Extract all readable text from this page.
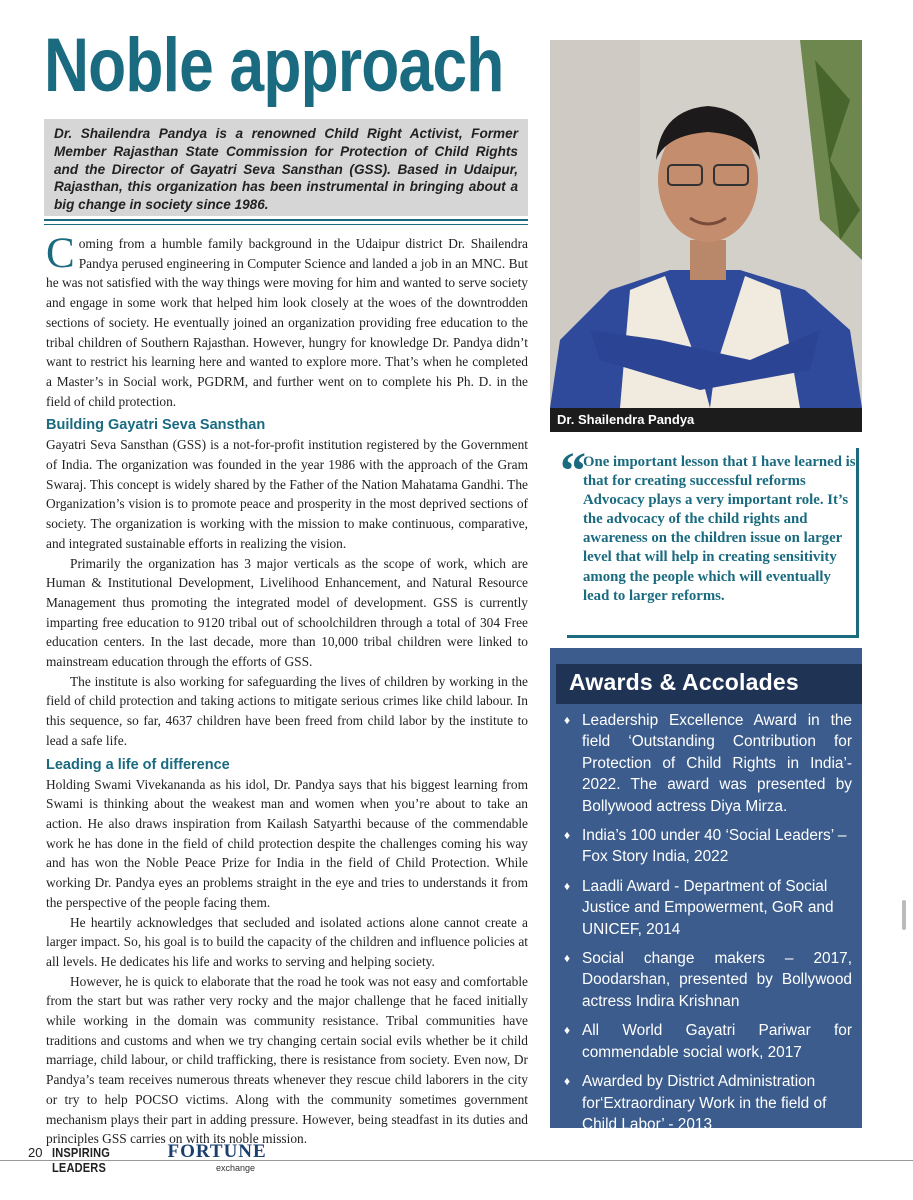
Noble approach
Dr. Shailendra Pandya is a renowned Child Right Activist, Former Member Rajasthan State Commission for Protection of Child Rights and the Director of Gayatri Seva Sansthan (GSS). Based in Udaipur, Rajasthan, this organization has been instrumental in bringing about a big change in society since 1986.

Coming from a humble family background in the Udaipur district Dr. Shailendra Pandya perused engineering in Computer Science and landed a job in an MNC. But he was not satisfied with the way things were moving for him and wanted to serve society and engage in some work that helped him look closely at the woes of the downtrodden sections of society. He eventually joined an organization providing free education to the tribal children of Southern Rajasthan. However, hungry for knowledge Dr. Pandya didn’t want to restrict his learning here and wanted to explore more. That’s when he completed a Master’s in Social work, PGDRM, and further went on to complete his Ph. D. in the field of child protection.

Building Gayatri Seva Sansthan

Gayatri Seva Sansthan (GSS) is a not-for-profit institution registered by the Government of India. The organization was founded in the year 1986 with the approach of the Gram Swaraj. This concept is widely shared by the Father of the Nation Mahatama Gandhi. The Organization’s vision is to promote peace and prosperity in the most deprived sections of society. The organization is working with the mission to make continuous, comparative, and integrated sustainable efforts in realizing the vision.

Primarily the organization has 3 major verticals as the scope of work, which are Human & Institutional Development, Livelihood Enhancement, and Natural Resource Management thus promoting the integrated model of development. GSS is currently imparting free education to 9120 tribal out of schoolchildren through a total of 304 Free education centers. In the last decade, more than 10,000 tribal children were linked to mainstream education through the efforts of GSS.

The institute is also working for safeguarding the lives of children by working in the field of child protection and taking actions to mitigate serious crimes like child labour. In this sequence, so far, 4637 children have been freed from child labor by the institute to lead a safe life.

Leading a life of difference

Holding Swami Vivekananda as his idol, Dr. Pandya says that his biggest learning from Swami is thinking about the weakest man and women when you’re about to take an action. He also draws inspiration from Kailash Satyarthi because of the commendable work he has done in the field of child protection despite the challenges coming his way and has won the Noble Peace Prize for India in the field of Child Protection. While working Dr. Pandya eyes an problems straight in the eye and tries to understands it from the perspective of the people facing them.

He heartily acknowledges that secluded and isolated actions alone cannot create a larger impact. So, his goal is to build the capacity of the children and influence policies at all levels. He dedicates his life and works to serving and helping society.

However, he is quick to elaborate that the road he took was not easy and comfortable from the start but was rather very rocky and the major challenge that he faced initially while working in the domain was community resistance. Tribal communities have traditions and customs and when we try changing certain social evils whether be it child marriage, child labour, or child trafficking, there is resistance from society. Even now, Dr Pandya’s team receives numerous threats whenever they rescue child laborers in the city or try to help POCSO victims. Along with the community sometimes government mechanism plays their part in adding pressure. However, being steadfast in its duties and principles GSS carries on with its noble mission.

Dr. Shailendra Pandya
“
One important lesson that I have learned is that for creating successful reforms Advocacy plays a very important role. It’s the advocacy of the child rights and awareness on the children issue on larger level that will help in creating sensitivity among the people which will eventually lead to larger reforms.
Awards & Accolades
♦ Leadership Excellence Award in the field ‘Outstanding Contribution for Protection of Child Rights in India’- 2022. The award was presented by Bollywood actress Diya Mirza.
♦ India’s 100 under 40 ‘Social Leaders’ – Fox Story India, 2022
♦ Laadli Award - Department of Social Justice and Empowerment, GoR and UNICEF, 2014
♦ Social change makers – 2017, Doodarshan, presented by Bollywood actress Indira Krishnan
♦ All World Gayatri Pariwar for commendable social work, 2017
♦ Awarded by District Administration for‘Extraordinary Work in the field of Child Labor’ - 2013
20 INSPIRING LEADERS
FORTUNE
exchange
